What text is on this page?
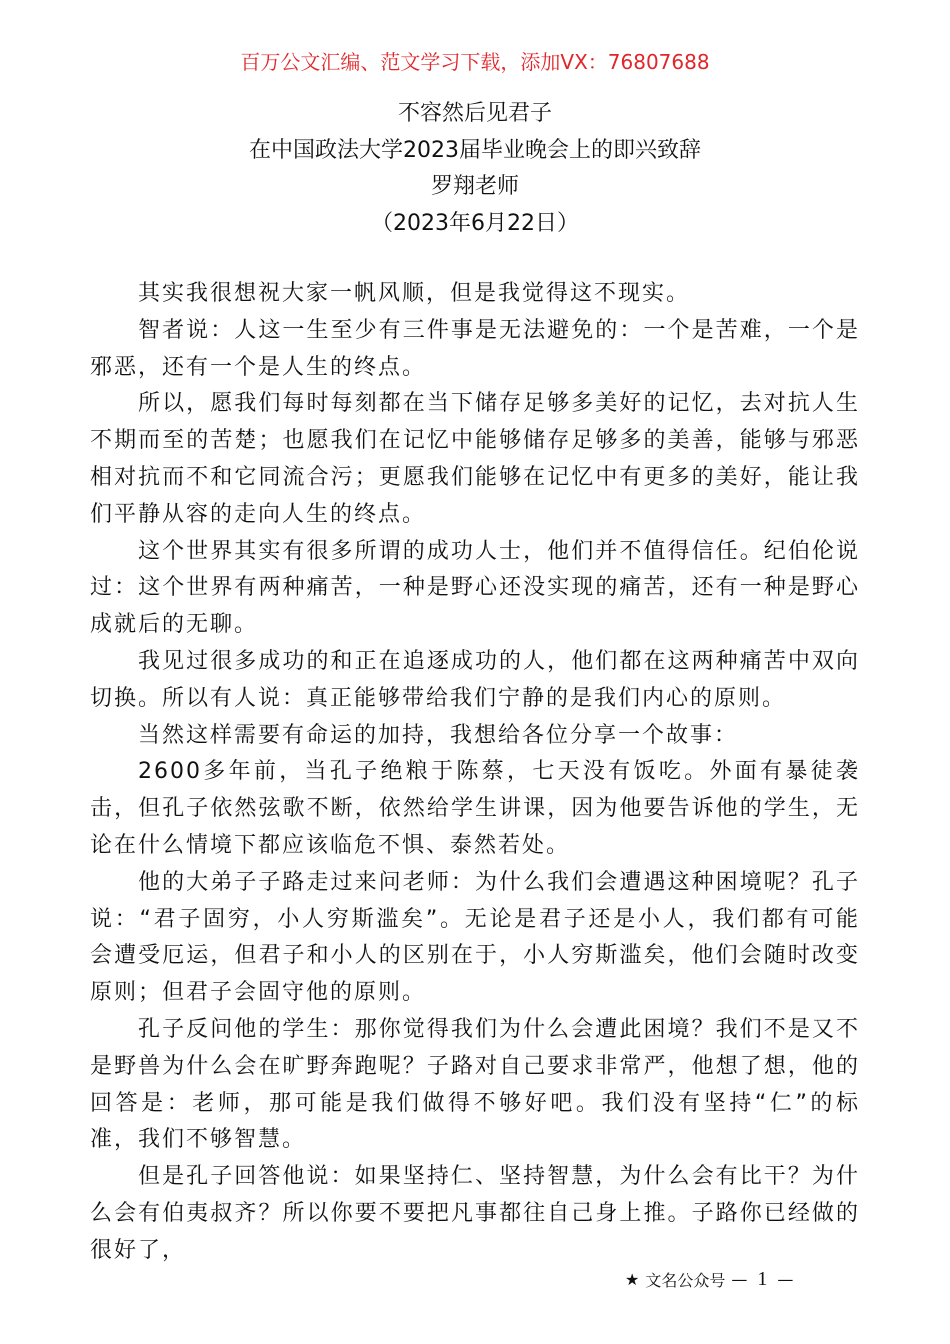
百万公文汇编、范文学习下载，添加VX：76807688
不容然后见君子
在中国政法大学2023届毕业晚会上的即兴致辞
罗翔老师
（2023年6月22日）

其实我很想祝大家一帆风顺，但是我觉得这不现实。

智者说：人这一生至少有三件事是无法避免的：一个是苦难，一个是邪恶，还有一个是人生的终点。

所以，愿我们每时每刻都在当下储存足够多美好的记忆，去对抗人生不期而至的苦楚；也愿我们在记忆中能够储存足够多的美善，能够与邪恶相对抗而不和它同流合污；更愿我们能够在记忆中有更多的美好，能让我们平静从容的走向人生的终点。

这个世界其实有很多所谓的成功人士，他们并不值得信任。纪伯伦说过：这个世界有两种痛苦，一种是野心还没实现的痛苦，还有一种是野心成就后的无聊。

我见过很多成功的和正在追逐成功的人，他们都在这两种痛苦中双向切换。所以有人说：真正能够带给我们宁静的是我们内心的原则。

当然这样需要有命运的加持，我想给各位分享一个故事：

2600多年前，当孔子绝粮于陈蔡，七天没有饭吃。外面有暴徒袭击，但孔子依然弦歌不断，依然给学生讲课，因为他要告诉他的学生，无论在什么情境下都应该临危不惧、泰然若处。

他的大弟子子路走过来问老师：为什么我们会遭遇这种困境呢？孔子说：“君子固穷，小人穷斯滥矣”。无论是君子还是小人，我们都有可能会遭受厄运，但君子和小人的区别在于，小人穷斯滥矣，他们会随时改变原则；但君子会固守他的原则。

孔子反问他的学生：那你觉得我们为什么会遭此困境？我们不是又不是野兽为什么会在旷野奔跑呢？子路对自己要求非常严，他想了想，他的回答是：老师，那可能是我们做得不够好吧。我们没有坚持“仁”的标准，我们不够智慧。

但是孔子回答他说：如果坚持仁、坚持智慧，为什么会有比干？为什么会有伯夷叔齐？所以你要不要把凡事都往自己身上推。子路你已经做的很好了，

★ 文名公众号 — 1 —
